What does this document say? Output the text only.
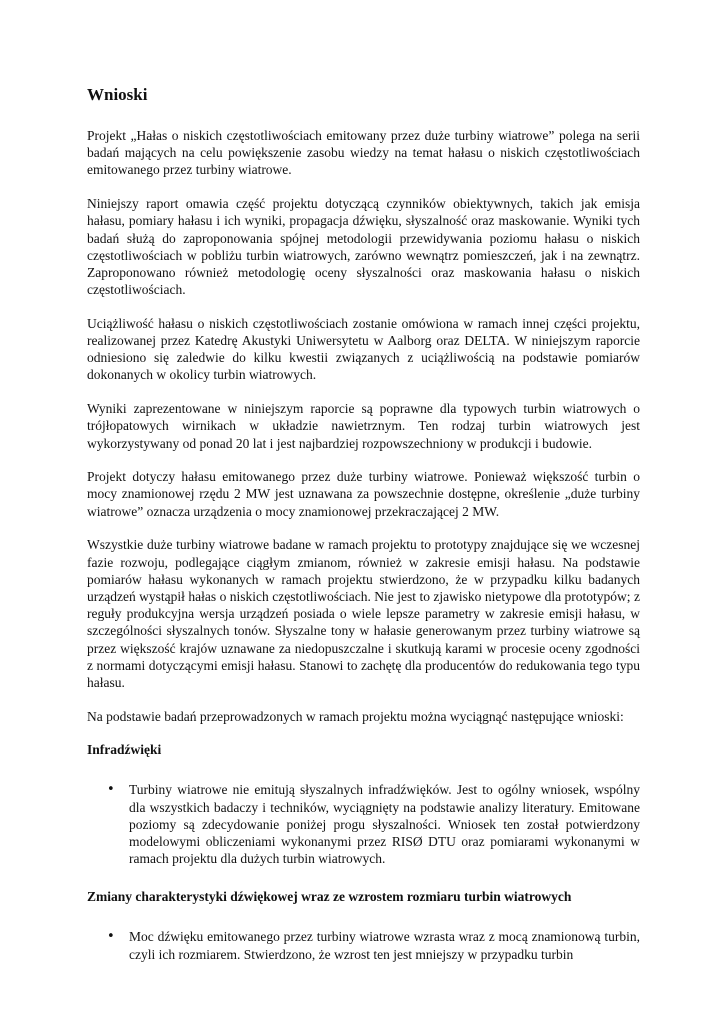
Wnioski

Projekt „Hałas o niskich częstotliwościach emitowany przez duże turbiny wiatrowe” polega na serii badań mających na celu powiększenie zasobu wiedzy na temat hałasu o niskich częstotliwościach emitowanego przez turbiny wiatrowe.

Niniejszy raport omawia część projektu dotyczącą czynników obiektywnych, takich jak emisja hałasu, pomiary hałasu i ich wyniki, propagacja dźwięku, słyszalność oraz maskowanie. Wyniki tych badań służą do zaproponowania spójnej metodologii przewidywania poziomu hałasu o niskich częstotliwościach w pobliżu turbin wiatrowych, zarówno wewnątrz pomieszczeń, jak i na zewnątrz. Zaproponowano również metodologię oceny słyszalności oraz maskowania hałasu o niskich częstotliwościach.

Uciążliwość hałasu o niskich częstotliwościach zostanie omówiona w ramach innej części projektu, realizowanej przez Katedrę Akustyki Uniwersytetu w Aalborg oraz DELTA. W niniejszym raporcie odniesiono się zaledwie do kilku kwestii związanych z uciążliwością na podstawie pomiarów dokonanych w okolicy turbin wiatrowych.

Wyniki zaprezentowane w niniejszym raporcie są poprawne dla typowych turbin wiatrowych o trójłopatowych wirnikach w układzie nawietrznym. Ten rodzaj turbin wiatrowych jest wykorzystywany od ponad 20 lat i jest najbardziej rozpowszechniony w produkcji i budowie.

Projekt dotyczy hałasu emitowanego przez duże turbiny wiatrowe. Ponieważ większość turbin o mocy znamionowej rzędu 2 MW jest uznawana za powszechnie dostępne, określenie „duże turbiny wiatrowe” oznacza urządzenia o mocy znamionowej przekraczającej 2 MW.

Wszystkie duże turbiny wiatrowe badane w ramach projektu to prototypy znajdujące się we wczesnej fazie rozwoju, podlegające ciągłym zmianom, również w zakresie emisji hałasu. Na podstawie pomiarów hałasu wykonanych w ramach projektu stwierdzono, że w przypadku kilku badanych urządzeń wystąpił hałas o niskich częstotliwościach. Nie jest to zjawisko nietypowe dla prototypów; z reguły produkcyjna wersja urządzeń posiada o wiele lepsze parametry w zakresie emisji hałasu, w szczególności słyszalnych tonów. Słyszalne tony w hałasie generowanym przez turbiny wiatrowe są przez większość krajów uznawane za niedopuszczalne i skutkują karami w procesie oceny zgodności z normami dotyczącymi emisji hałasu. Stanowi to zachętę dla producentów do redukowania tego typu hałasu.

Na podstawie badań przeprowadzonych w ramach projektu można wyciągnąć następujące wnioski:

Infradźwięki
• Turbiny wiatrowe nie emitują słyszalnych infradźwięków. Jest to ogólny wniosek, wspólny dla wszystkich badaczy i techników, wyciągnięty na podstawie analizy literatury. Emitowane poziomy są zdecydowanie poniżej progu słyszalności. Wniosek ten został potwierdzony modelowymi obliczeniami wykonanymi przez RISØ DTU oraz pomiarami wykonanymi w ramach projektu dla dużych turbin wiatrowych.
Zmiany charakterystyki dźwiękowej wraz ze wzrostem rozmiaru turbin wiatrowych
• Moc dźwięku emitowanego przez turbiny wiatrowe wzrasta wraz z mocą znamionową turbin, czyli ich rozmiarem. Stwierdzono, że wzrost ten jest mniejszy w przypadku turbin
